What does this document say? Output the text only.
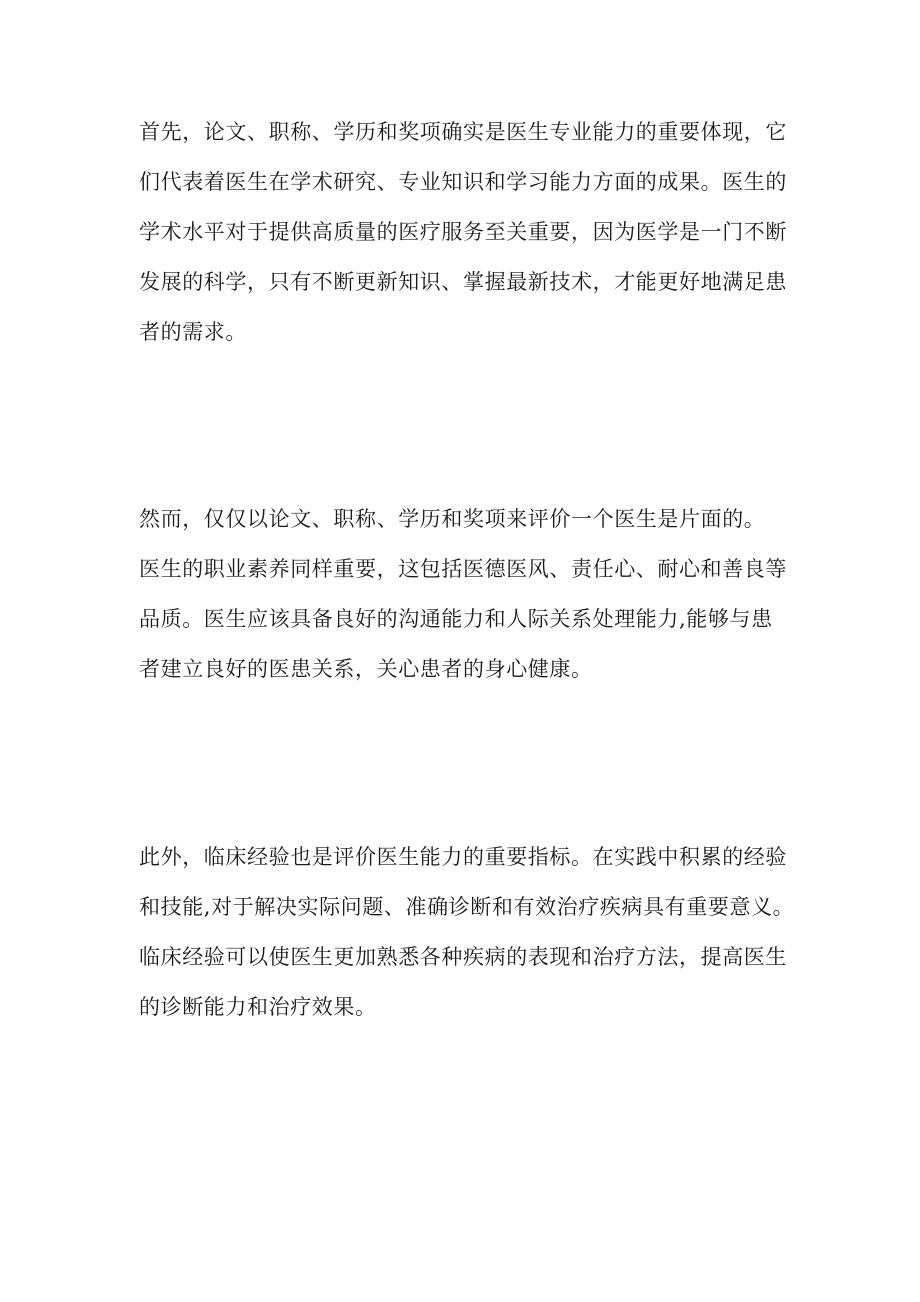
首先，论文、职称、学历和奖项确实是医生专业能力的重要体现，它
们代表着医生在学术研究、专业知识和学习能力方面的成果。医生的
学术水平对于提供高质量的医疗服务至关重要，因为医学是一门不断
发展的科学，只有不断更新知识、掌握最新技术，才能更好地满足患
者的需求。

然而，仅仅以论文、职称、学历和奖项来评价一个医生是片面的。
医生的职业素养同样重要，这包括医德医风、责任心、耐心和善良等
品质。医生应该具备良好的沟通能力和人际关系处理能力,能够与患
者建立良好的医患关系，关心患者的身心健康。

此外，临床经验也是评价医生能力的重要指标。在实践中积累的经验
和技能,对于解决实际问题、准确诊断和有效治疗疾病具有重要意义。
临床经验可以使医生更加熟悉各种疾病的表现和治疗方法，提高医生
的诊断能力和治疗效果。
